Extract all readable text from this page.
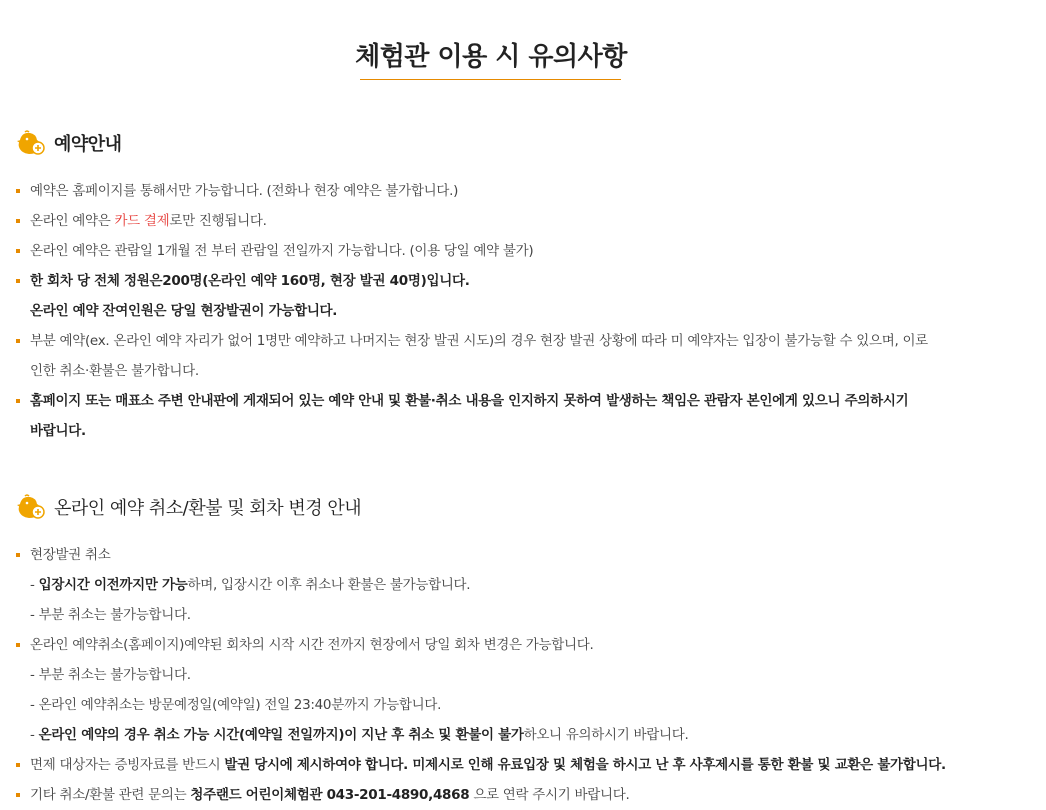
체험관 이용 시 유의사항
예약안내
예약은 홈페이지를 통해서만 가능합니다. (전화나 현장 예약은 불가합니다.)
온라인 예약은 카드 결제로만 진행됩니다.
온라인 예약은 관람일 1개월 전 부터 관람일 전일까지 가능합니다. (이용 당일 예약 불가)
한 회차 당 전체 정원은200명(온라인 예약 160명, 현장 발권 40명)입니다.
온라인 예약 잔여인원은 당일 현장발권이 가능합니다.
부분 예약(ex. 온라인 예약 자리가 없어 1명만 예약하고 나머지는 현장 발권 시도)의 경우 현장 발권 상황에 따라 미 예약자는 입장이 불가능할 수 있으며, 이로
인한 취소·환불은 불가합니다.
홈페이지 또는 매표소 주변 안내판에 게재되어 있는 예약 안내 및 환불·취소 내용을 인지하지 못하여 발생하는 책임은 관람자 본인에게 있으니 주의하시기
바랍니다.
온라인 예약 취소/환불 및 회차 변경 안내
현장발권 취소
- 입장시간 이전까지만 가능하며, 입장시간 이후 취소나 환불은 불가능합니다.
- 부분 취소는 불가능합니다.
온라인 예약취소(홈페이지)예약된 회차의 시작 시간 전까지 현장에서 당일 회차 변경은 가능합니다.
- 부분 취소는 불가능합니다.
- 온라인 예약취소는 방문예정일(예약일) 전일 23:40분까지 가능합니다.
- 온라인 예약의 경우 취소 가능 시간(예약일 전일까지)이 지난 후 취소 및 환불이 불가하오니 유의하시기 바랍니다.
면제 대상자는 증빙자료를 반드시 발권 당시에 제시하여야 합니다. 미제시로 인해 유료입장 및 체험을 하시고 난 후 사후제시를 통한 환불 및 교환은 불가합니다.
기타 취소/환불 관련 문의는 청주랜드 어린이체험관 043-201-4890,4868 으로 연락 주시기 바랍니다.
